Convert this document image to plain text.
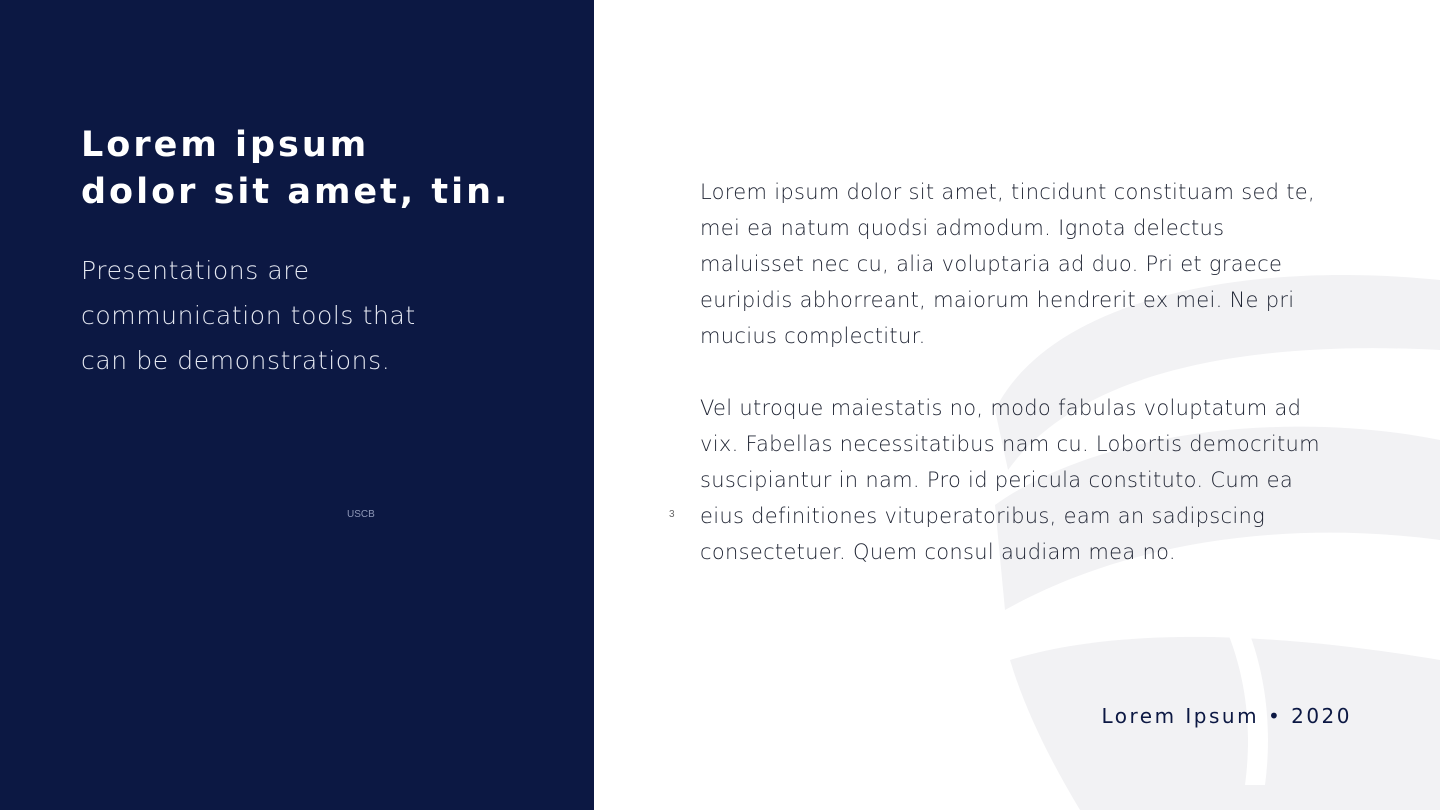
Lorem ipsum
dolor sit amet, tin.
Presentations are
communication tools that
can be demonstrations.
USCB	3

Lorem ipsum dolor sit amet, tincidunt constituam sed te, mei ea natum quodsi admodum. Ignota delectus maluisset nec cu, alia voluptaria ad duo. Pri et graece euripidis abhorreant, maiorum hendrerit ex mei. Ne pri mucius complectitur.

Vel utroque maiestatis no, modo fabulas voluptatum ad vix. Fabellas necessitatibus nam cu. Lobortis democritum suscipiantur in nam. Pro id pericula constituto. Cum ea eius definitiones vituperatoribus, eam an sadipscing consectetuer. Quem consul audiam mea no.

Lorem Ipsum • 2020
